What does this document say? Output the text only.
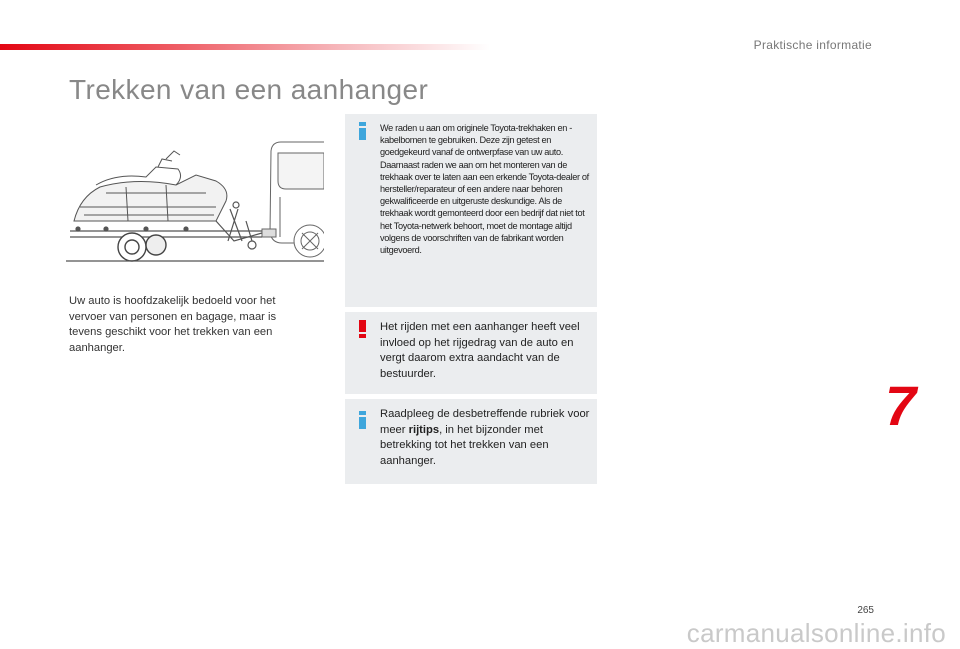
Praktische informatie
Trekken van een aanhanger

Uw auto is hoofdzakelijk bedoeld voor het vervoer van personen en bagage, maar is tevens geschikt voor het trekken van een aanhanger.

We raden u aan om originele Toyota-trekhaken en -kabelbomen te gebruiken. Deze zijn getest en goedgekeurd vanaf de ontwerpfase van uw auto. Daarnaast raden we aan om het monteren van de trekhaak over te laten aan een erkende Toyota-dealer of hersteller/reparateur of een andere naar behoren gekwalificeerde en uitgeruste deskundige. Als de trekhaak wordt gemonteerd door een bedrijf dat niet tot het Toyota-netwerk behoort, moet de montage altijd volgens de voorschriften van de fabrikant worden uitgevoerd.

Het rijden met een aanhanger heeft veel invloed op het rijgedrag van de auto en vergt daarom extra aandacht van de bestuurder.

Raadpleeg de desbetreffende rubriek voor meer rijtips, in het bijzonder met betrekking tot het trekken van een aanhanger.

7
265
carmanualsonline.info
